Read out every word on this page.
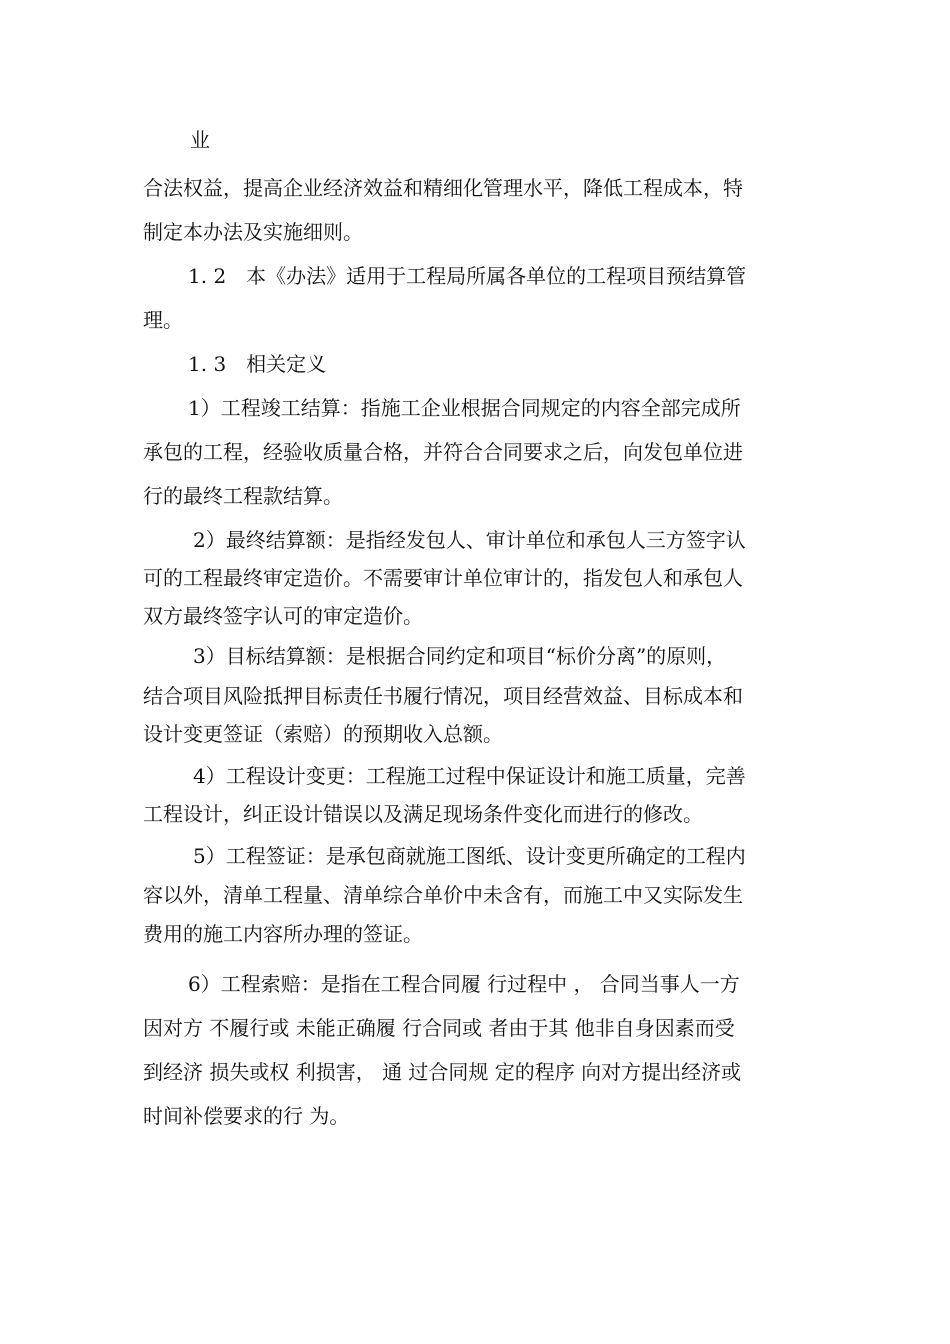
业

合法权益，提高企业经济效益和精细化管理水平，降低工程成本，特

制定本办法及实施细则。

1. 2　本《办法》适用于工程局所属各单位的工程项目预结算管

理。

1. 3　相关定义

1）工程竣工结算：指施工企业根据合同规定的内容全部完成所

承包的工程，经验收质量合格，并符合合同要求之后，向发包单位进

行的最终工程款结算。

2）最终结算额：是指经发包人、审计单位和承包人三方签字认

可的工程最终审定造价。不需要审计单位审计的，指发包人和承包人

双方最终签字认可的审定造价。

3）目标结算额：是根据合同约定和项目“标价分离”的原则，

结合项目风险抵押目标责任书履行情况，项目经营效益、目标成本和

设计变更签证（索赔）的预期收入总额。

4）工程设计变更：工程施工过程中保证设计和施工质量，完善

工程设计，纠正设计错误以及满足现场条件变化而进行的修改。

5）工程签证：是承包商就施工图纸、设计变更所确定的工程内

容以外，清单工程量、清单综合单价中未含有，而施工中又实际发生

费用的施工内容所办理的签证。

6）工程索赔：是指在工程合同履 行过程中 ， 合同当事人一方

因对方 不履行或 未能正确履 行合同或 者由于其 他非自身因素而受

到经济 损失或权 利损害， 通 过合同规 定的程序 向对方提出经济或

时间补偿要求的行 为。
